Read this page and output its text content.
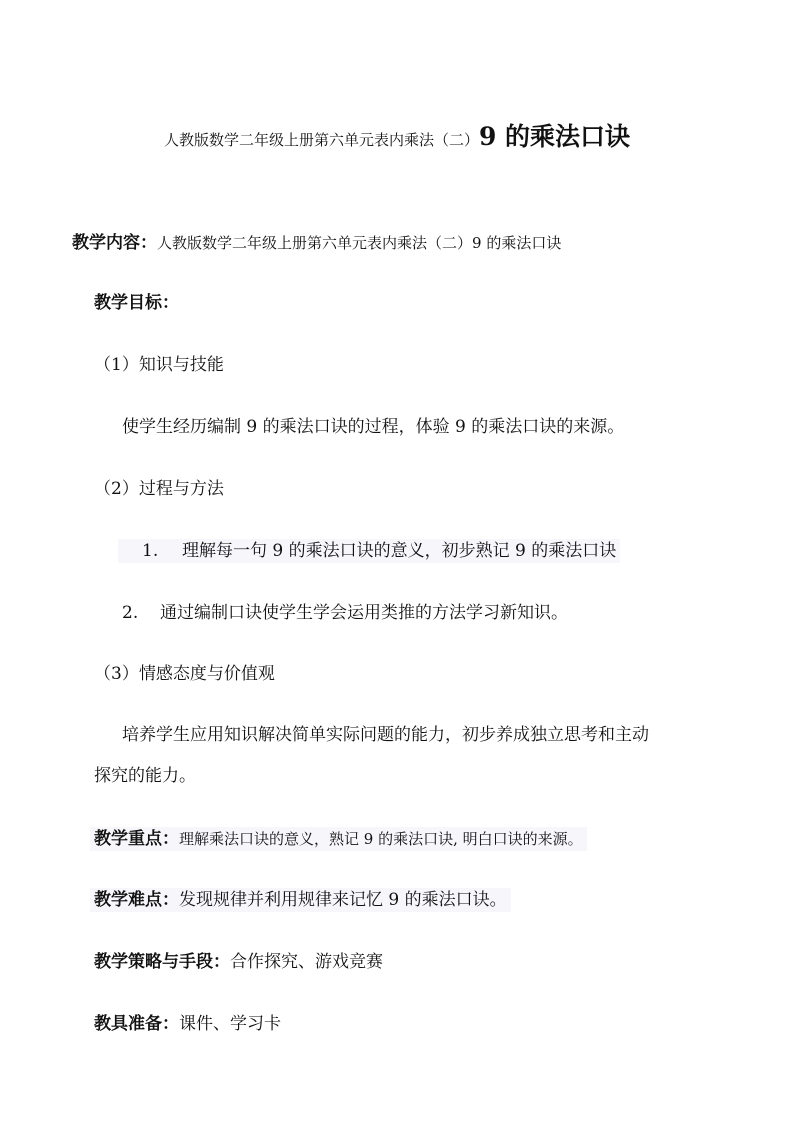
人教版数学二年级上册第六单元表内乘法（二）9 的乘法口诀
教学内容：人教版数学二年级上册第六单元表内乘法（二）9 的乘法口诀
教学目标：
（1）知识与技能
使学生经历编制 9 的乘法口诀的过程，体验 9 的乘法口诀的来源。
（2）过程与方法
1. 理解每一句 9 的乘法口诀的意义，初步熟记 9 的乘法口诀
2. 通过编制口诀使学生学会运用类推的方法学习新知识。
（3）情感态度与价值观
培养学生应用知识解决简单实际问题的能力，初步养成独立思考和主动
探究的能力。
教学重点：理解乘法口诀的意义，熟记 9 的乘法口诀, 明白口诀的来源。
教学难点：发现规律并利用规律来记忆 9 的乘法口诀。
教学策略与手段：合作探究、游戏竞赛
教具准备：课件、学习卡
